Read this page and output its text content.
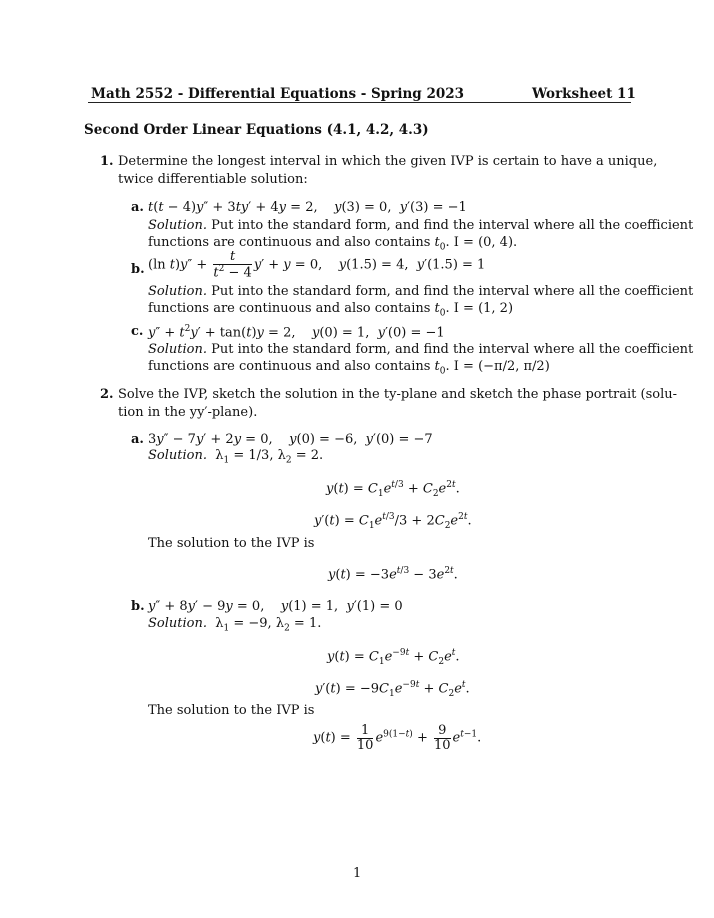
Math 2552 - Differential Equations - Spring 2023	Worksheet 11
Second Order Linear Equations (4.1, 4.2, 4.3)
1. Determine the longest interval in which the given IVP is certain to have a unique,
twice differentiable solution:
a. t(t − 4)y″ + 3ty′ + 4y = 2,    y(3) = 0,  y′(3) = −1
Solution. Put into the standard form, and find the interval where all the coefficient
functions are continuous and also contains $t_0$. I = (0, 4).
b. (ln $t)y'' + \frac{t}{t^2 - 4} y' + y = 0$,    y(1.5) = 4,  y′(1.5) = 1
Solution. Put into the standard form, and find the interval where all the coefficient
functions are continuous and also contains $t_0$. I = (1, 2)
c. $y'' + t^2y' + \tan(t)y = 2$,    y(0) = 1,  y′(0) = −1
Solution. Put into the standard form, and find the interval where all the coefficient
functions are continuous and also contains $t_0$. I = (−π/2, π/2)
2. Solve the IVP, sketch the solution in the ty-plane and sketch the phase portrait (solu-
tion in the yy′-plane).
a. 3y″ − 7y′ + 2y = 0,    y(0) = −6,  y′(0) = −7
Solution.  $\lambda_1 = 1/3$, $\lambda_2 = 2$.
$y(t) = C_1e^{t/3} + C_2e^{2t}$.
$y'(t) = C_1e^{t/3}/3 + 2C_2e^{2t}$.
The solution to the IVP is
$y(t) = -3e^{t/3} - 3e^{2t}$.
b. y″ + 8y′ − 9y = 0,    y(1) = 1,  y′(1) = 0
Solution.  $\lambda_1 = -9$, $\lambda_2 = 1$.
$y(t) = C_1e^{-9t} + C_2e^t$.
$y'(t) = -9C_1e^{-9t} + C_2e^t$.
The solution to the IVP is
$y(t) = \frac{1}{10} e^{9(1-t)} + \frac{9}{10} e^{t-1}$.
1
